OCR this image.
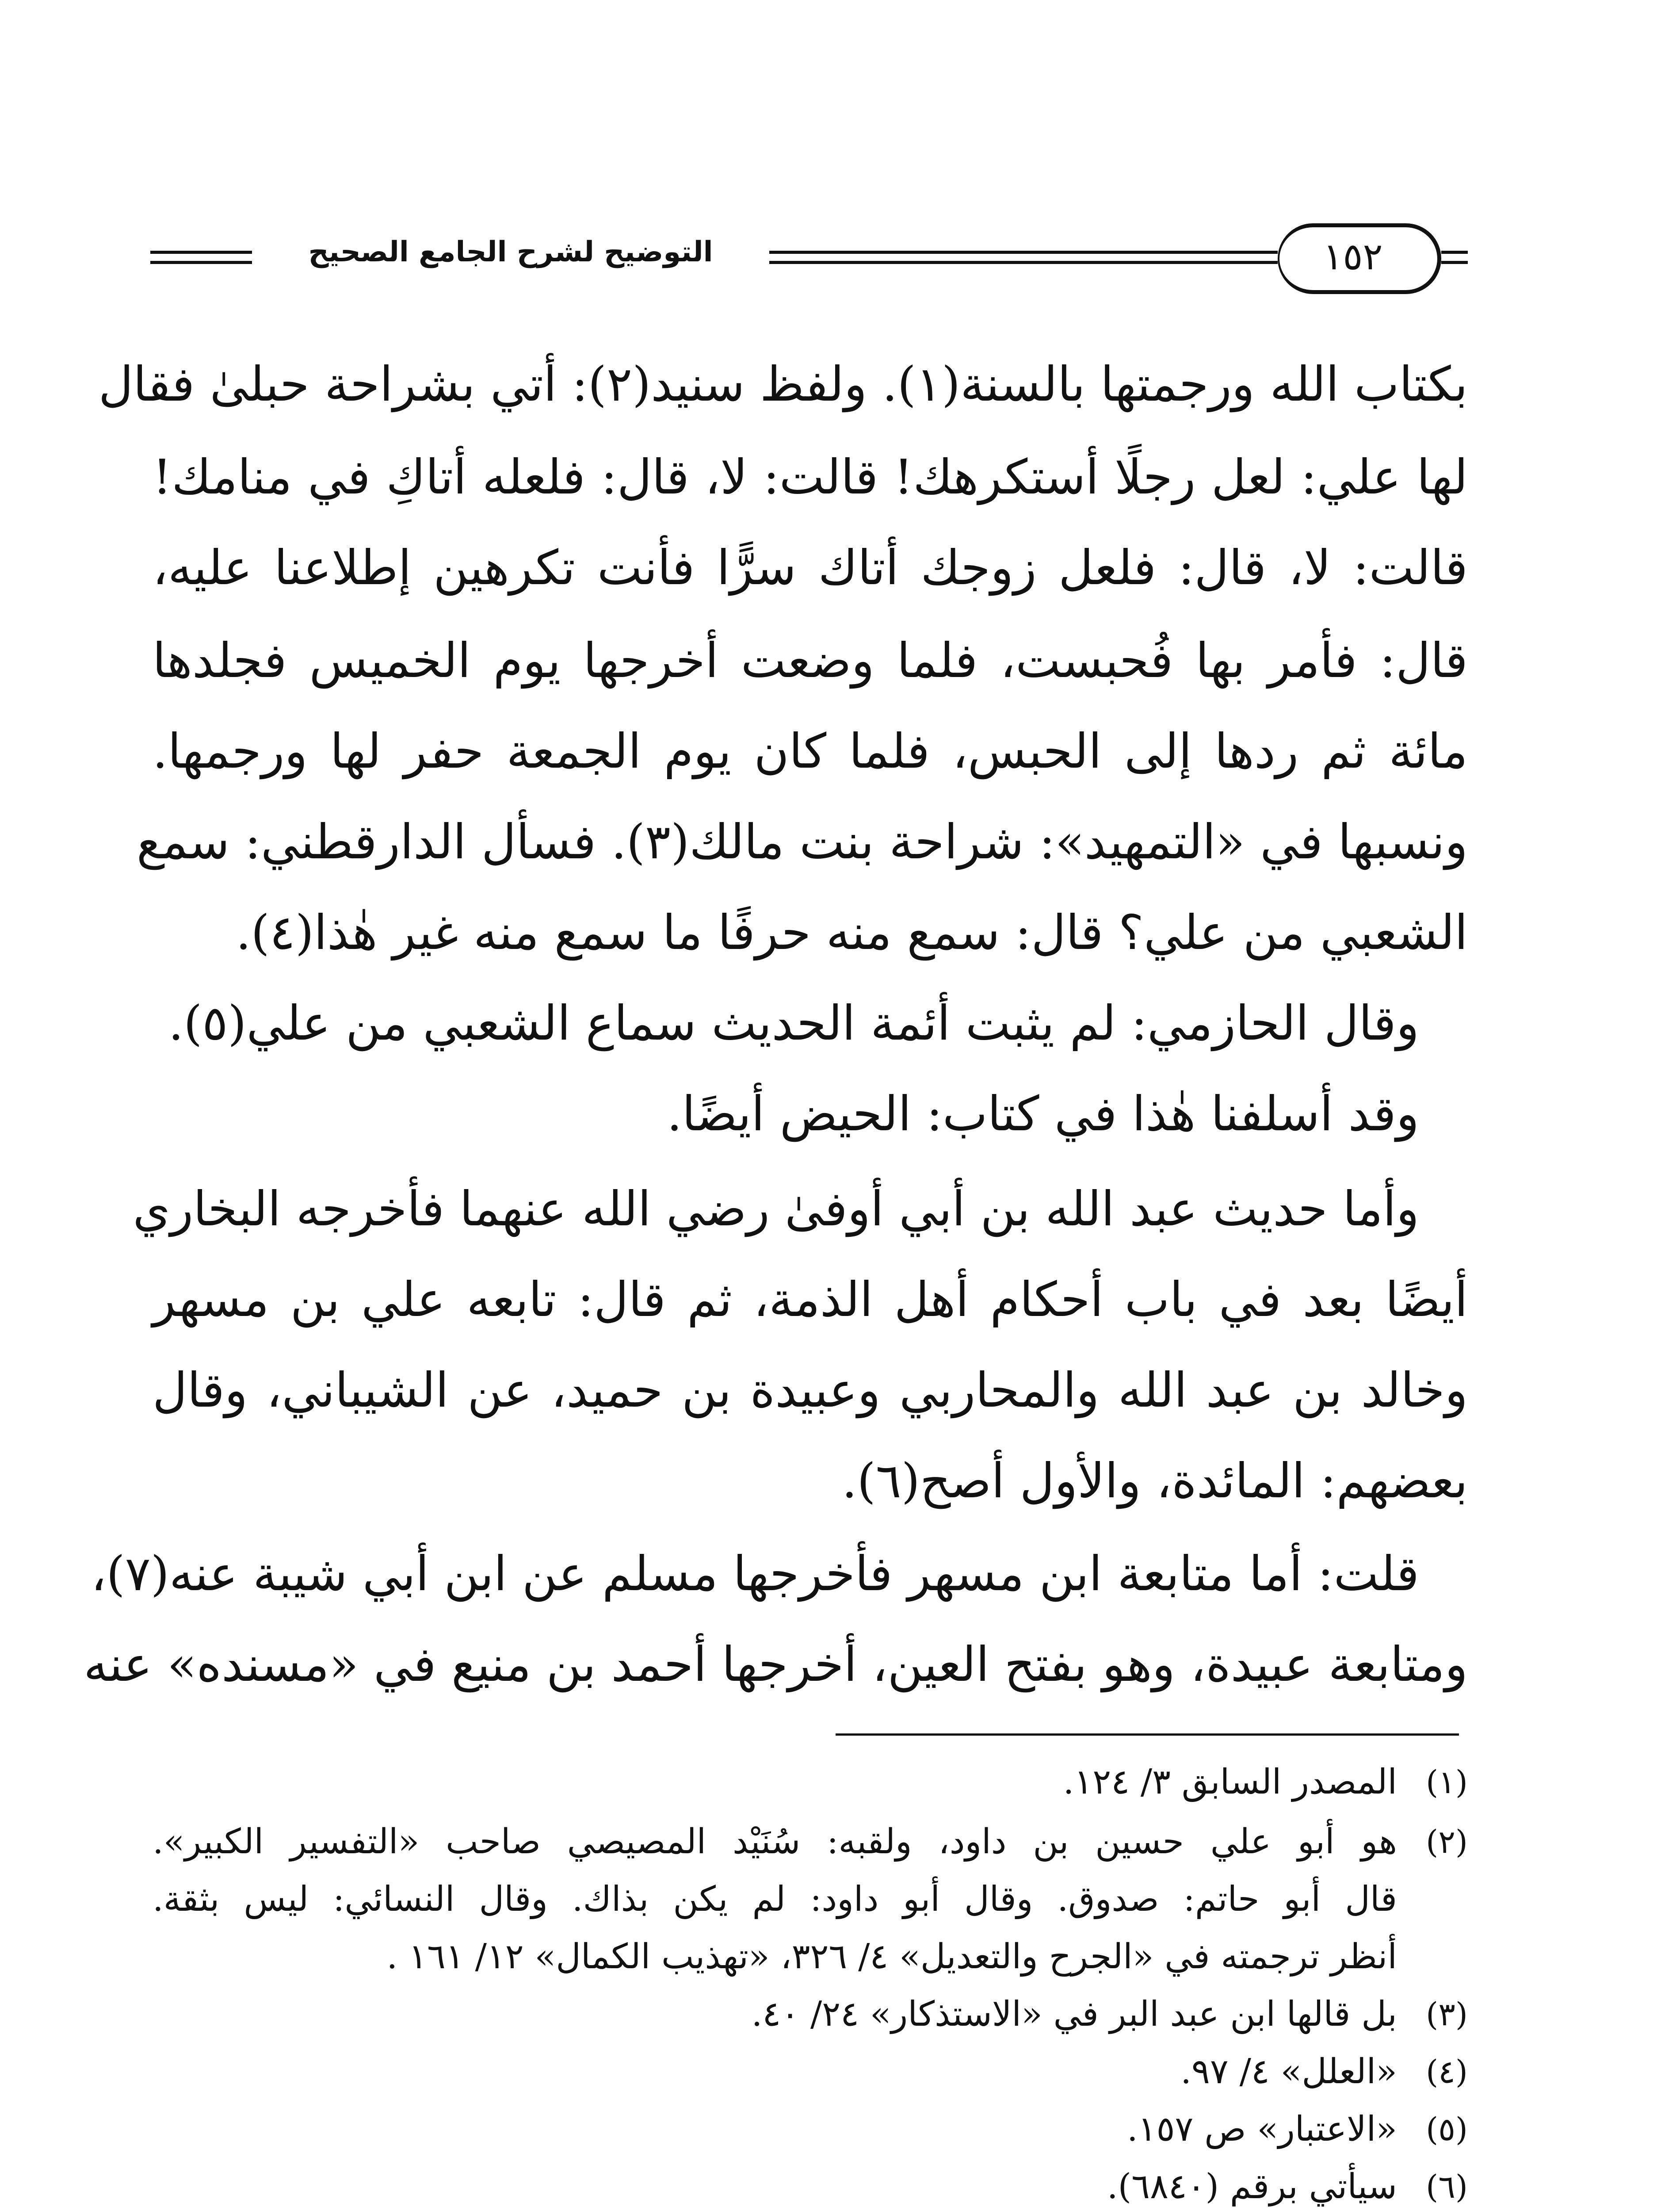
التوضيح لشرح الجامع الصحيح	١٥٢
بكتاب الله ورجمتها بالسنة(١). ولفظ سنيد(٢): أتي بشراحة حبلىٰ فقال
لها علي: لعل رجلًا أستكرهك! قالت: لا، قال: فلعله أتاكِ في منامك!
قالت: لا، قال: فلعل زوجك أتاك سرًّا فأنت تكرهين إطلاعنا عليه،
قال: فأمر بها فُحبست، فلما وضعت أخرجها يوم الخميس فجلدها
مائة ثم ردها إلى الحبس، فلما كان يوم الجمعة حفر لها ورجمها.
ونسبها في «التمهيد»: شراحة بنت مالك(٣). فسأل الدارقطني: سمع
الشعبي من علي؟ قال: سمع منه حرفًا ما سمع منه غير هٰذا(٤).
وقال الحازمي: لم يثبت أئمة الحديث سماع الشعبي من علي(٥).
وقد أسلفنا هٰذا في كتاب: الحيض أيضًا.
وأما حديث عبد الله بن أبي أوفىٰ رضي الله عنهما فأخرجه البخاري
أيضًا بعد في باب أحكام أهل الذمة، ثم قال: تابعه علي بن مسهر
وخالد بن عبد الله والمحاربي وعبيدة بن حميد، عن الشيباني، وقال
بعضهم: المائدة، والأول أصح(٦).
قلت: أما متابعة ابن مسهر فأخرجها مسلم عن ابن أبي شيبة عنه(٧)،
ومتابعة عبيدة، وهو بفتح العين، أخرجها أحمد بن منيع في «مسنده» عنه
(١)
المصدر السابق ٣/ ١٢٤.
(٢)
هو أبو علي حسين بن داود، ولقبه: سُنَيْد المصيصي صاحب «التفسير الكبير».
قال أبو حاتم: صدوق. وقال أبو داود: لم يكن بذاك. وقال النسائي: ليس بثقة.
أنظر ترجمته في «الجرح والتعديل» ٤/ ٣٢٦، «تهذيب الكمال» ١٢/ ١٦١ .
(٣)
بل قالها ابن عبد البر في «الاستذكار» ٢٤/ ٤٠.
(٤)
«العلل» ٤/ ٩٧.
(٥)
«الاعتبار» ص ١٥٧.
(٦)
سيأتي برقم (٦٨٤٠).
